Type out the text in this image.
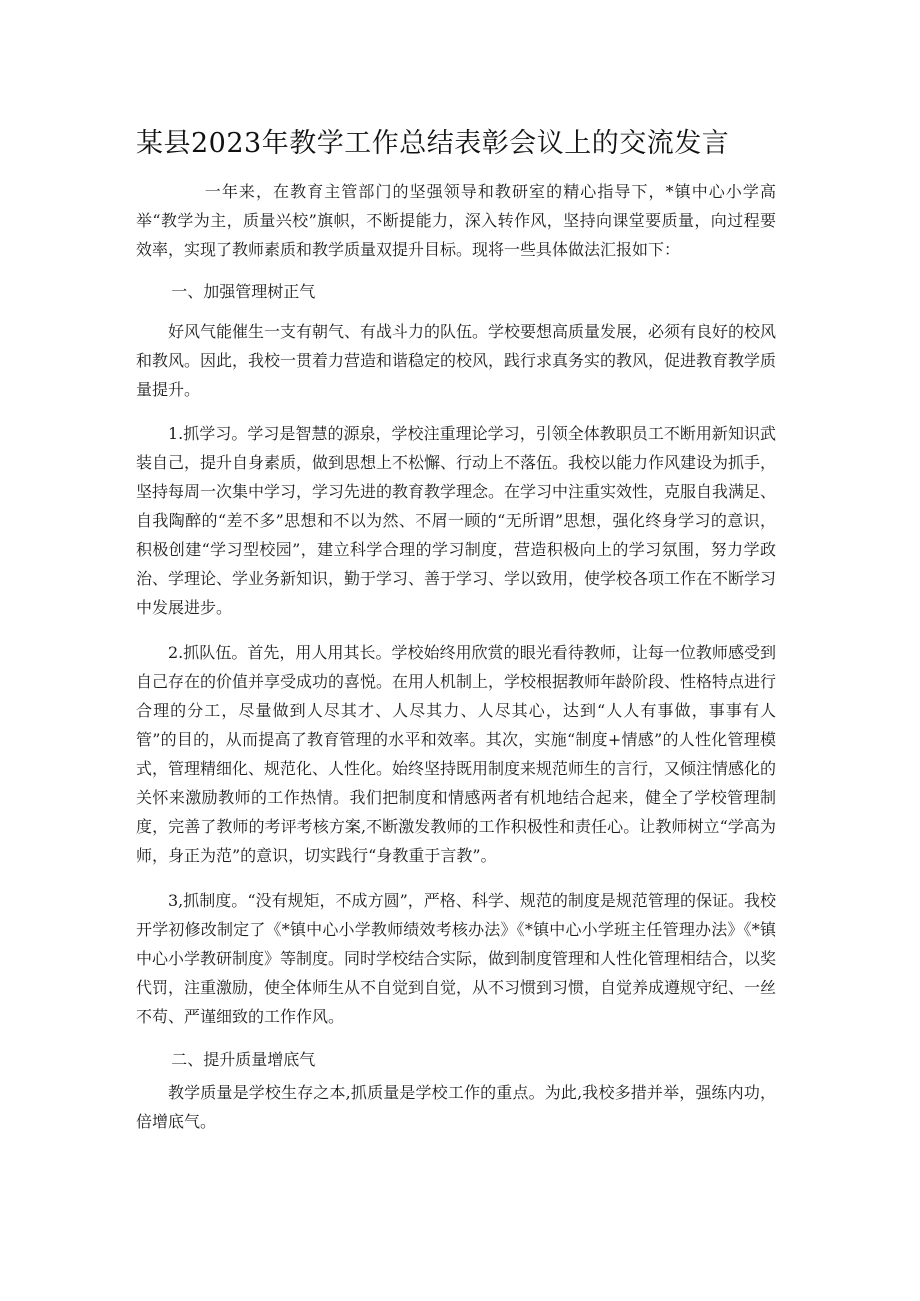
某县2023年教学工作总结表彰会议上的交流发言

一年来，在教育主管部门的坚强领导和教研室的精心指导下，*镇中心小学高举“教学为主，质量兴校”旗帜，不断提能力，深入转作风，坚持向课堂要质量，向过程要效率，实现了教师素质和教学质量双提升目标。现将一些具体做法汇报如下：

一、加强管理树正气

好风气能催生一支有朝气、有战斗力的队伍。学校要想高质量发展，必须有良好的校风和教风。因此，我校一贯着力营造和谐稳定的校风，践行求真务实的教风，促进教育教学质量提升。

1.抓学习。学习是智慧的源泉，学校注重理论学习，引领全体教职员工不断用新知识武装自己，提升自身素质，做到思想上不松懈、行动上不落伍。我校以能力作风建设为抓手，坚持每周一次集中学习，学习先进的教育教学理念。在学习中注重实效性，克服自我满足、自我陶醉的“差不多”思想和不以为然、不屑一顾的“无所谓”思想，强化终身学习的意识，积极创建“学习型校园”，建立科学合理的学习制度，营造积极向上的学习氛围，努力学政治、学理论、学业务新知识，勤于学习、善于学习、学以致用，使学校各项工作在不断学习中发展进步。

2.抓队伍。首先，用人用其长。学校始终用欣赏的眼光看待教师，让每一位教师感受到自己存在的价值并享受成功的喜悦。在用人机制上，学校根据教师年龄阶段、性格特点进行合理的分工，尽量做到人尽其才、人尽其力、人尽其心，达到“人人有事做，事事有人管”的目的，从而提高了教育管理的水平和效率。其次，实施“制度+情感”的人性化管理模式，管理精细化、规范化、人性化。始终坚持既用制度来规范师生的言行，又倾注情感化的关怀来激励教师的工作热情。我们把制度和情感两者有机地结合起来，健全了学校管理制度，完善了教师的考评考核方案,不断激发教师的工作积极性和责任心。让教师树立“学高为师，身正为范”的意识，切实践行“身教重于言教”。

3,抓制度。“没有规矩，不成方圆”，严格、科学、规范的制度是规范管理的保证。我校开学初修改制定了《*镇中心小学教师绩效考核办法》《*镇中心小学班主任管理办法》《*镇中心小学教研制度》等制度。同时学校结合实际，做到制度管理和人性化管理相结合，以奖代罚，注重激励，使全体师生从不自觉到自觉，从不习惯到习惯，自觉养成遵规守纪、一丝不苟、严谨细致的工作作风。

二、提升质量增底气

教学质量是学校生存之本,抓质量是学校工作的重点。为此,我校多措并举，强练内功，倍增底气。
